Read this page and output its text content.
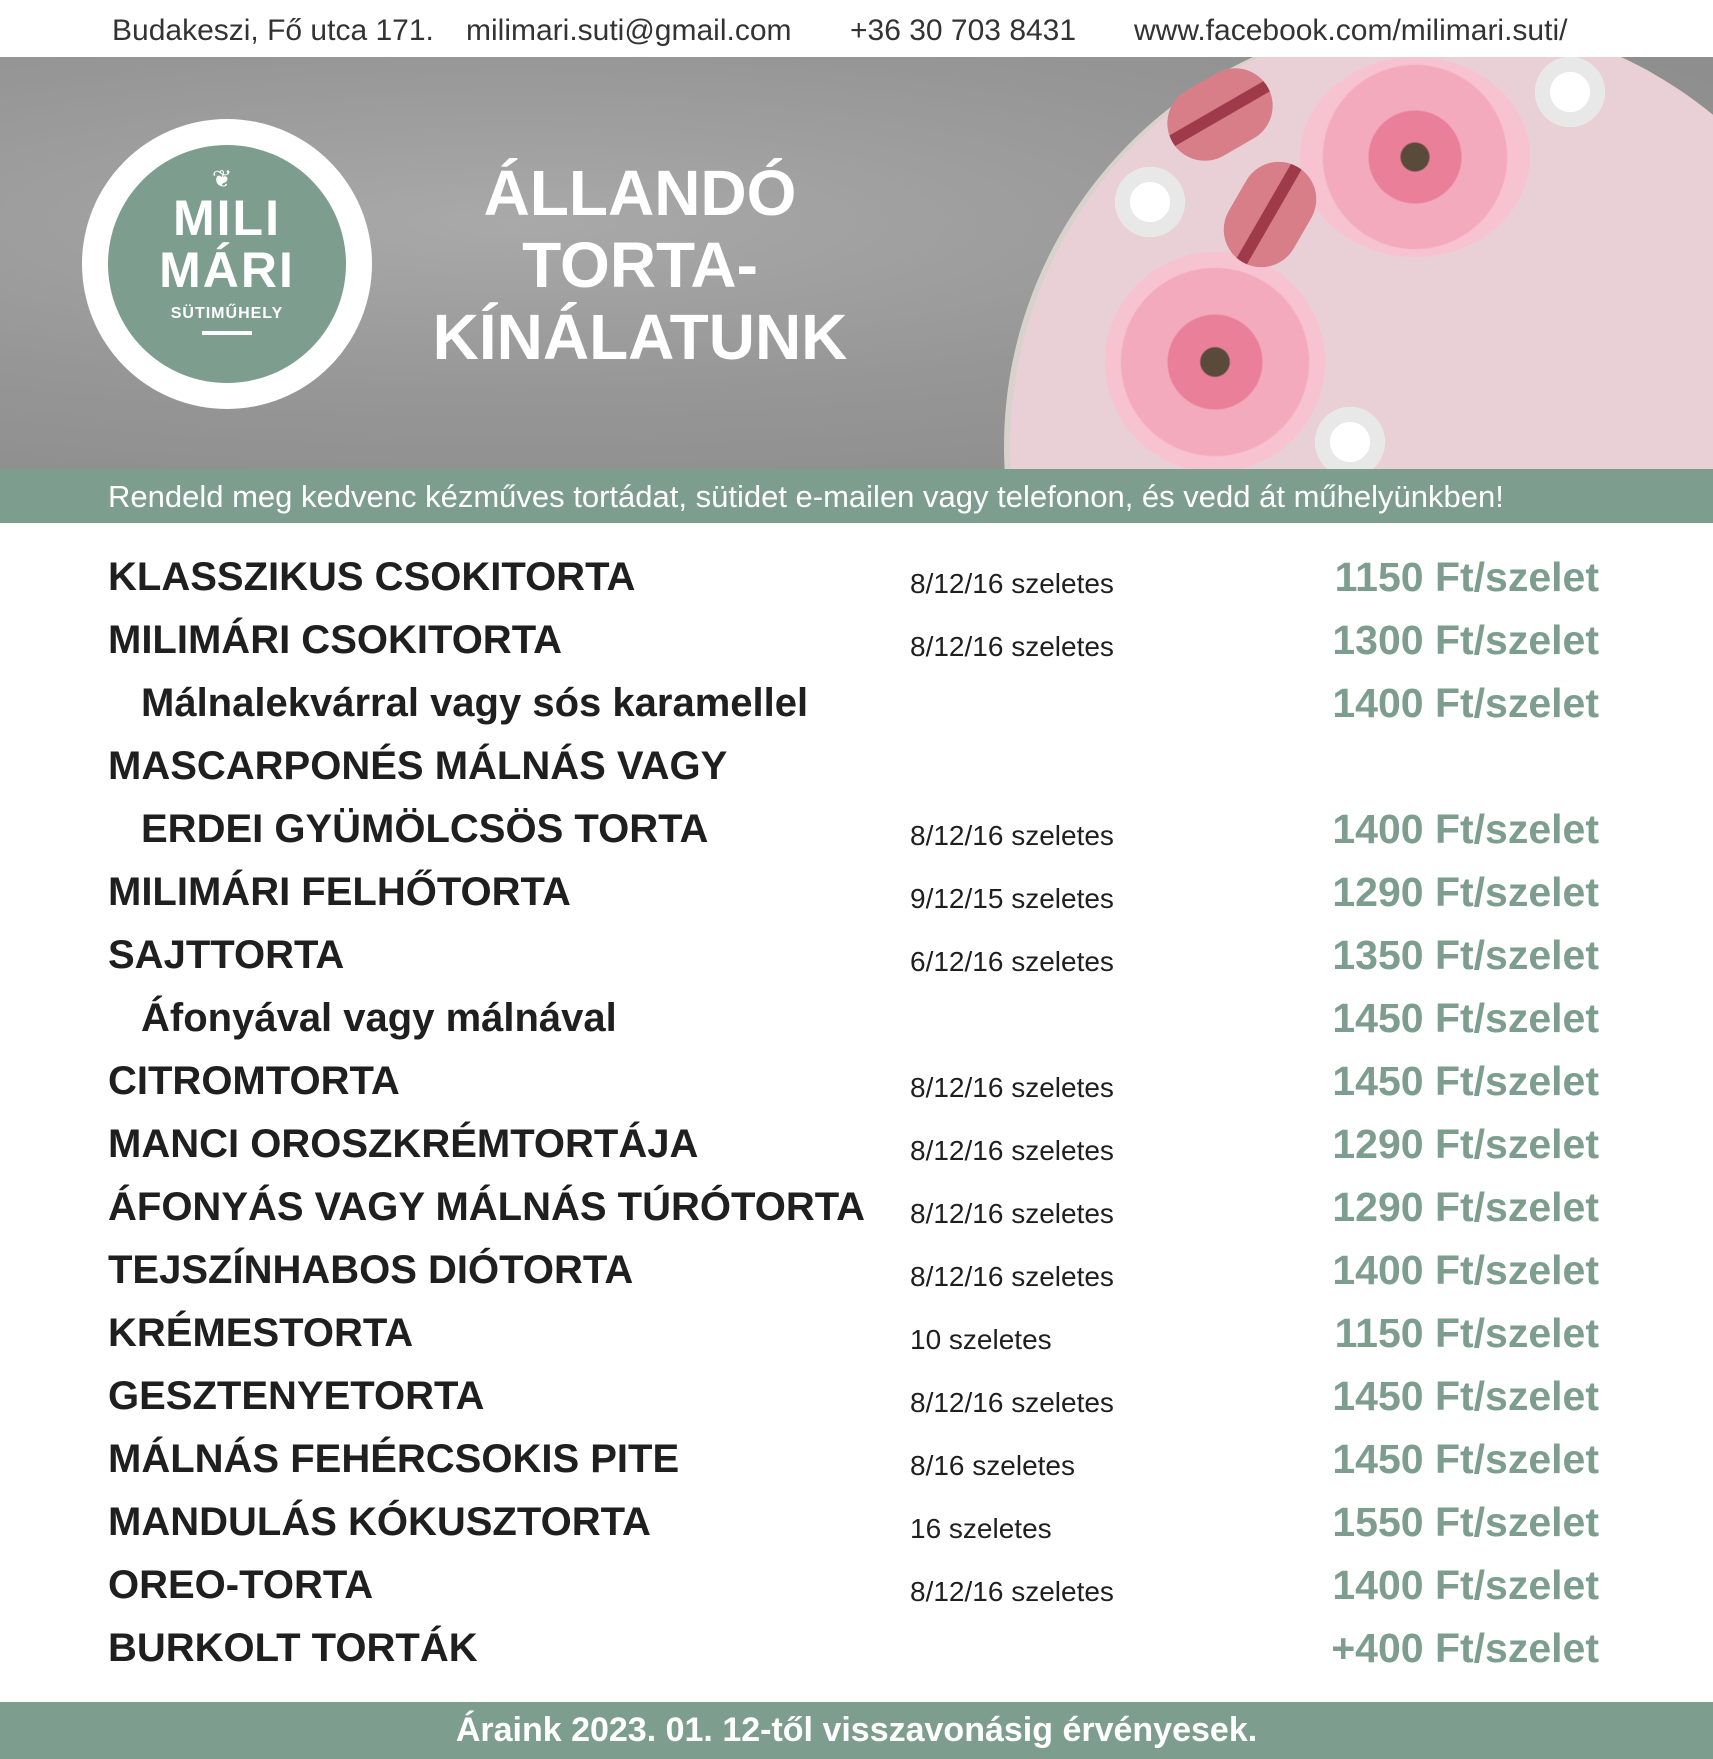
Budakeszi, Fő utca 171. milimari.suti@gmail.com +36 30 703 8431 www.facebook.com/milimari.suti/
❦
MILI
MÁRI
SÜTIMŰHELY
ÁLLANDÓ
TORTA-
KÍNÁLATUNK
Rendeld meg kedvenc kézműves tortádat, sütidet e-mailen vagy telefonon, és vedd át műhelyünkben!
KLASSZIKUS CSOKITORTA	8/12/16 szeletes	1150 Ft/szelet
MILIMÁRI CSOKITORTA	8/12/16 szeletes	1300 Ft/szelet
Málnalekvárral vagy sós karamellel	1400 Ft/szelet
MASCARPONÉS MÁLNÁS VAGY
ERDEI GYÜMÖLCSÖS TORTA	8/12/16 szeletes	1400 Ft/szelet
MILIMÁRI FELHŐTORTA	9/12/15 szeletes	1290 Ft/szelet
SAJTTORTA	6/12/16 szeletes	1350 Ft/szelet
Áfonyával vagy málnával	1450 Ft/szelet
CITROMTORTA	8/12/16 szeletes	1450 Ft/szelet
MANCI OROSZKRÉMTORTÁJA	8/12/16 szeletes	1290 Ft/szelet
ÁFONYÁS VAGY MÁLNÁS TÚRÓTORTA 8/12/16 szeletes	1290 Ft/szelet
TEJSZÍNHABOS DIÓTORTA	8/12/16 szeletes	1400 Ft/szelet
KRÉMESTORTA	10 szeletes	1150 Ft/szelet
GESZTENYETORTA	8/12/16 szeletes	1450 Ft/szelet
MÁLNÁS FEHÉRCSOKIS PITE	8/16 szeletes	1450 Ft/szelet
MANDULÁS KÓKUSZTORTA	16 szeletes	1550 Ft/szelet
OREO-TORTA	8/12/16 szeletes	1400 Ft/szelet
BURKOLT TORTÁK	+400 Ft/szelet
Áraink 2023. 01. 12-től visszavonásig érvényesek.
